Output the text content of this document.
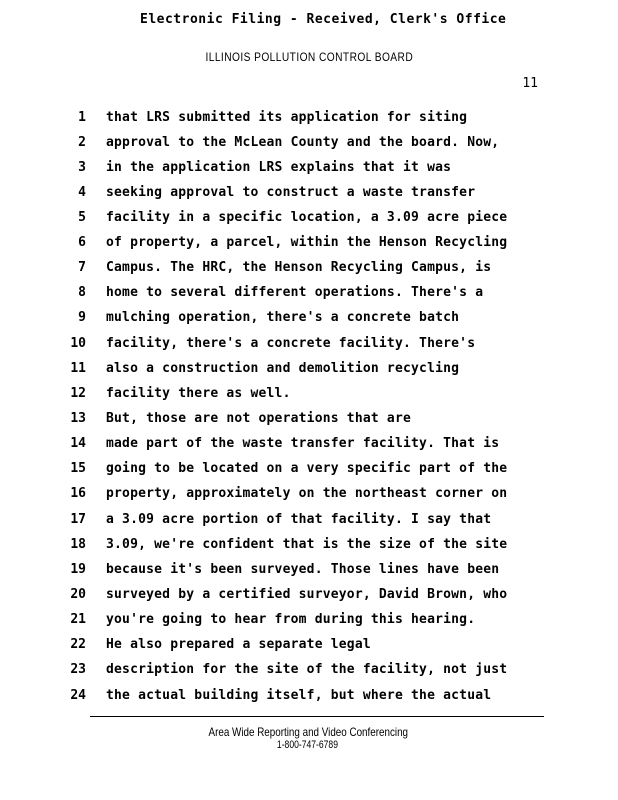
Electronic Filing - Received, Clerk's Office
ILLINOIS POLLUTION CONTROL BOARD
11
1 that LRS submitted its application for siting
2 approval to the McLean County and the board. Now,
3 in the application LRS explains that it was
4 seeking approval to construct a waste transfer
5 facility in a specific location, a 3.09 acre piece
6 of property, a parcel, within the Henson Recycling
7 Campus. The HRC, the Henson Recycling Campus, is
8 home to several different operations. There's a
9 mulching operation, there's a concrete batch
10 facility, there's a concrete facility. There's
11 also a construction and demolition recycling
12 facility there as well.
13 But, those are not operations that are
14 made part of the waste transfer facility. That is
15 going to be located on a very specific part of the
16 property, approximately on the northeast corner on
17 a 3.09 acre portion of that facility. I say that
18 3.09, we're confident that is the size of the site
19 because it's been surveyed. Those lines have been
20 surveyed by a certified surveyor, David Brown, who
21 you're going to hear from during this hearing.
22 He also prepared a separate legal
23 description for the site of the facility, not just
24 the actual building itself, but where the actual
Area Wide Reporting and Video Conferencing
1-800-747-6789
